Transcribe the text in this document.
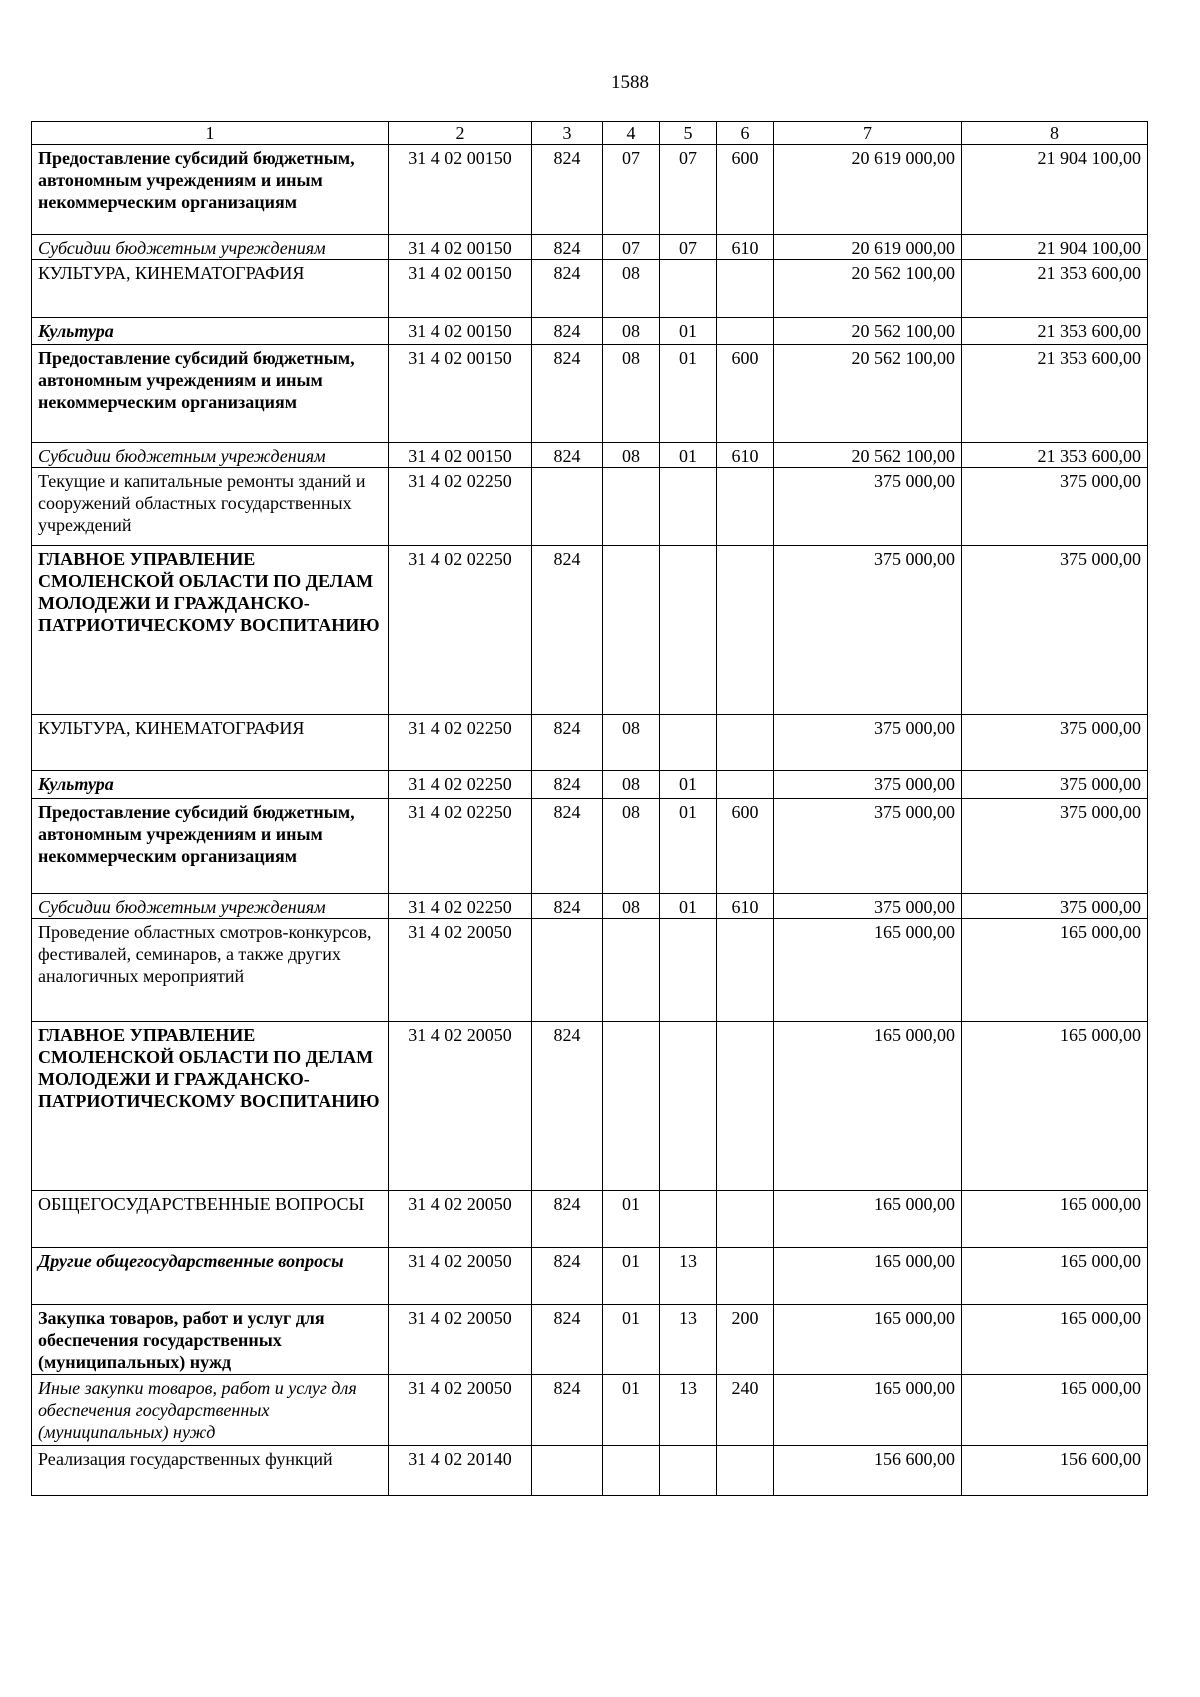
1588
1	2	3	4	5	6	7	8
Предоставление субсидий бюджетным, автономным учреждениям и иным некоммерческим организациям	31 4 02 00150	824	07	07	600	20 619 000,00	21 904 100,00
Субсидии бюджетным учреждениям	31 4 02 00150	824	07	07	610	20 619 000,00	21 904 100,00
КУЛЬТУРА, КИНЕМАТОГРАФИЯ	31 4 02 00150	824	08			20 562 100,00	21 353 600,00
Культура	31 4 02 00150	824	08	01		20 562 100,00	21 353 600,00
Предоставление субсидий бюджетным, автономным учреждениям и иным некоммерческим организациям	31 4 02 00150	824	08	01	600	20 562 100,00	21 353 600,00
Субсидии бюджетным учреждениям	31 4 02 00150	824	08	01	610	20 562 100,00	21 353 600,00
Текущие и капитальные ремонты зданий и сооружений областных государственных учреждений	31 4 02 02250					375 000,00	375 000,00
ГЛАВНОЕ УПРАВЛЕНИЕ СМОЛЕНСКОЙ ОБЛАСТИ ПО ДЕЛАМ МОЛОДЕЖИ И ГРАЖДАНСКО-ПАТРИОТИЧЕСКОМУ ВОСПИТАНИЮ	31 4 02 02250	824				375 000,00	375 000,00
КУЛЬТУРА, КИНЕМАТОГРАФИЯ	31 4 02 02250	824	08			375 000,00	375 000,00
Культура	31 4 02 02250	824	08	01		375 000,00	375 000,00
Предоставление субсидий бюджетным, автономным учреждениям и иным некоммерческим организациям	31 4 02 02250	824	08	01	600	375 000,00	375 000,00
Субсидии бюджетным учреждениям	31 4 02 02250	824	08	01	610	375 000,00	375 000,00
Проведение областных смотров-конкурсов, фестивалей, семинаров, а также других аналогичных мероприятий	31 4 02 20050					165 000,00	165 000,00
ГЛАВНОЕ УПРАВЛЕНИЕ СМОЛЕНСКОЙ ОБЛАСТИ ПО ДЕЛАМ МОЛОДЕЖИ И ГРАЖДАНСКО-ПАТРИОТИЧЕСКОМУ ВОСПИТАНИЮ	31 4 02 20050	824				165 000,00	165 000,00
ОБЩЕГОСУДАРСТВЕННЫЕ ВОПРОСЫ	31 4 02 20050	824	01			165 000,00	165 000,00
Другие общегосударственные вопросы	31 4 02 20050	824	01	13		165 000,00	165 000,00
Закупка товаров, работ и услуг для обеспечения государственных (муниципальных) нужд	31 4 02 20050	824	01	13	200	165 000,00	165 000,00
Иные закупки товаров, работ и услуг для обеспечения государственных (муниципальных) нужд	31 4 02 20050	824	01	13	240	165 000,00	165 000,00
Реализация государственных функций	31 4 02 20140					156 600,00	156 600,00
